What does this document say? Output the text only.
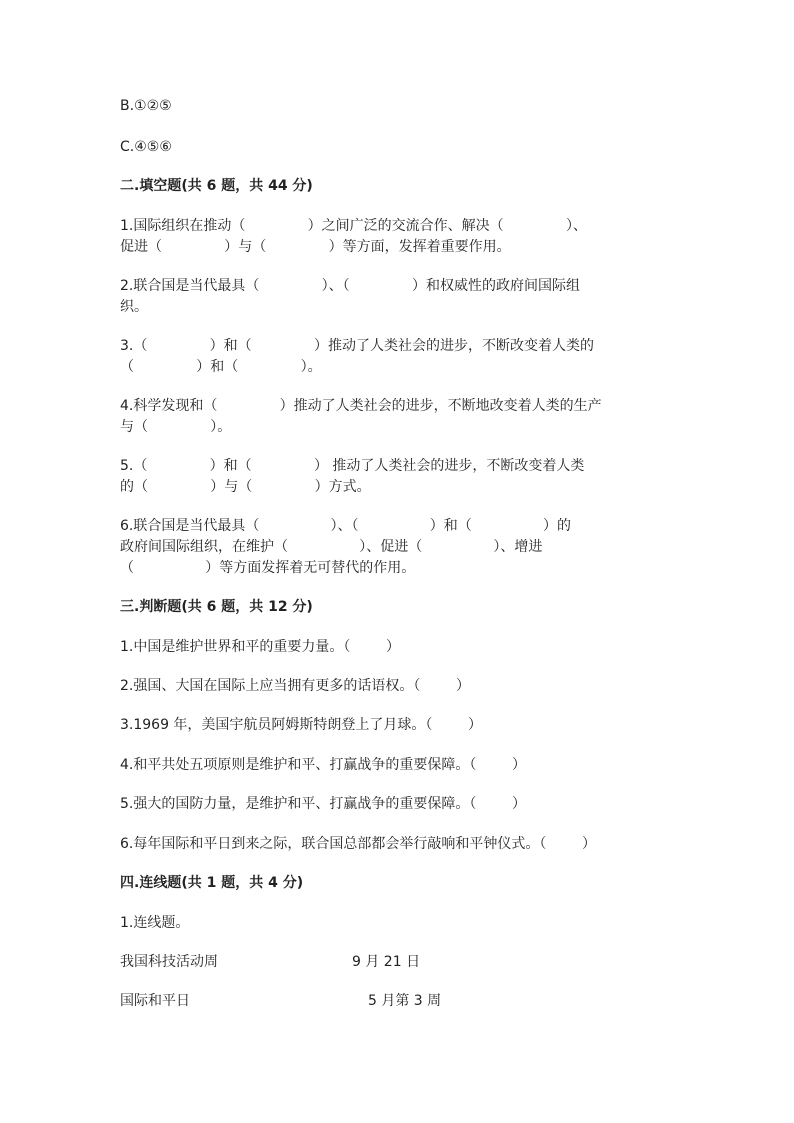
B.①②⑤
C.④⑤⑥
二.填空题(共 6 题，共 44 分)
1.国际组织在推动（              ）之间广泛的交流合作、解决（              ）、
促进（              ）与（              ）等方面，发挥着重要作用。
2.联合国是当代最具（              ）、（              ）和权威性的政府间国际组
织。
3.（              ）和（              ）推动了人类社会的进步，不断改变着人类的
（              ）和（              ）。
4.科学发现和（              ）推动了人类社会的进步，不断地改变着人类的生产
与（              ）。
5.（              ）和（              ） 推动了人类社会的进步，不断改变着人类
的（              ）与（              ）方式。
6.联合国是当代最具（                ）、（                ）和（                ）的
政府间国际组织，在维护（                ）、促进（                ）、增进
（                ）等方面发挥着无可替代的作用。
三.判断题(共 6 题，共 12 分)
1.中国是维护世界和平的重要力量。（        ）
2.强国、大国在国际上应当拥有更多的话语权。（        ）
3.1969 年，美国宇航员阿姆斯特朗登上了月球。（        ）
4.和平共处五项原则是维护和平、打赢战争的重要保障。（        ）
5.强大的国防力量，是维护和平、打赢战争的重要保障。（        ）
6.每年国际和平日到来之际，联合国总部都会举行敲响和平钟仪式。（        ）
四.连线题(共 1 题，共 4 分)
1.连线题。
我国科技活动周	9 月 21 日
国际和平日	5 月第 3 周
